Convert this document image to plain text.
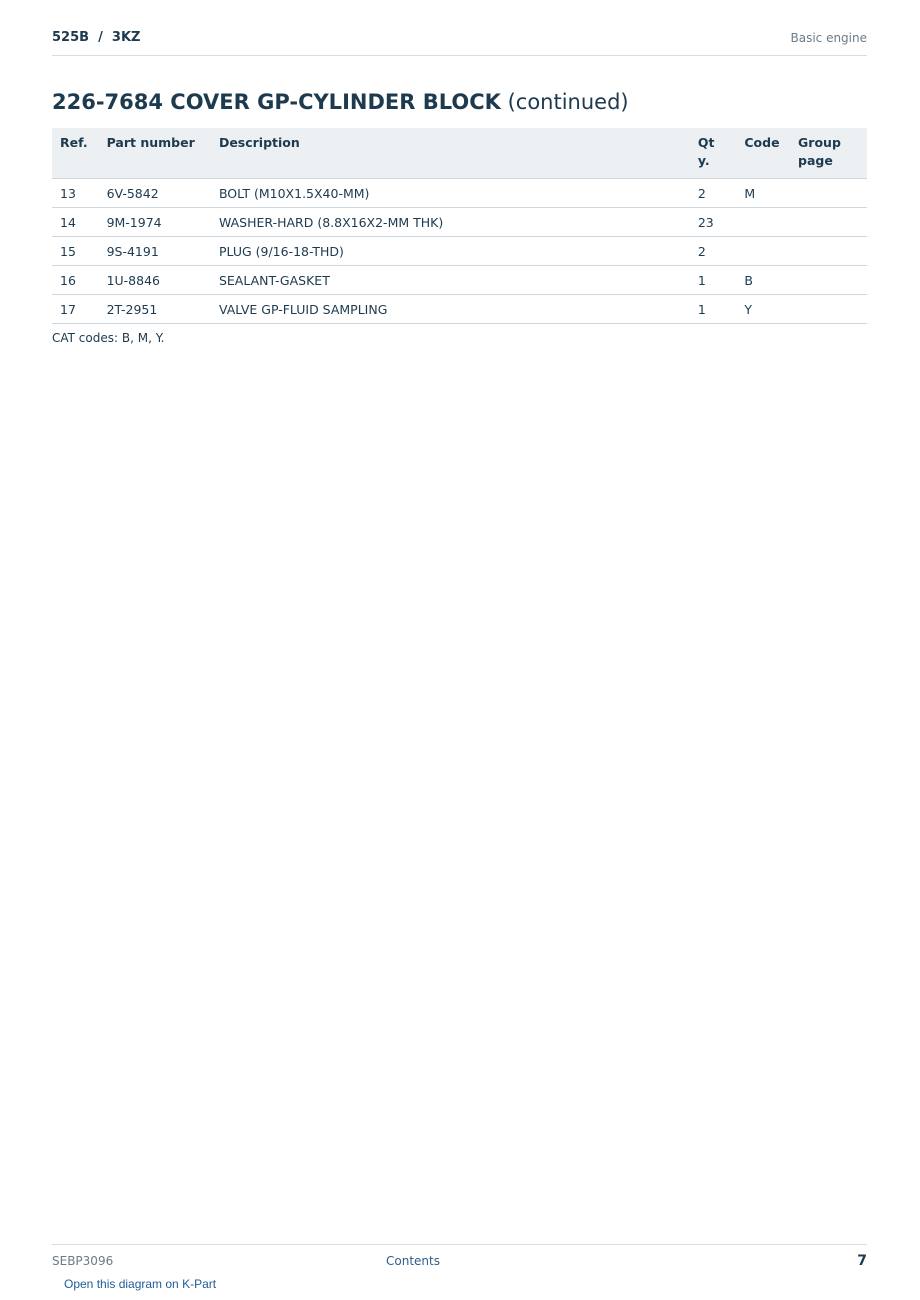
525B  /  3KZ	Basic engine
226-7684 COVER GP-CYLINDER BLOCK (continued)
Ref.	Part number	Description	Qty.	Code	Group page
13	6V-5842	BOLT (M10X1.5X40-MM)	2	M	
14	9M-1974	WASHER-HARD (8.8X16X2-MM THK)	23		
15	9S-4191	PLUG (9/16-18-THD)	2		
16	1U-8846	SEALANT-GASKET	1	B	
17	2T-2951	VALVE GP-FLUID SAMPLING	1	Y	
CAT codes: B, M, Y.
SEBP3096	Contents	7
Open this diagram on K-Part
